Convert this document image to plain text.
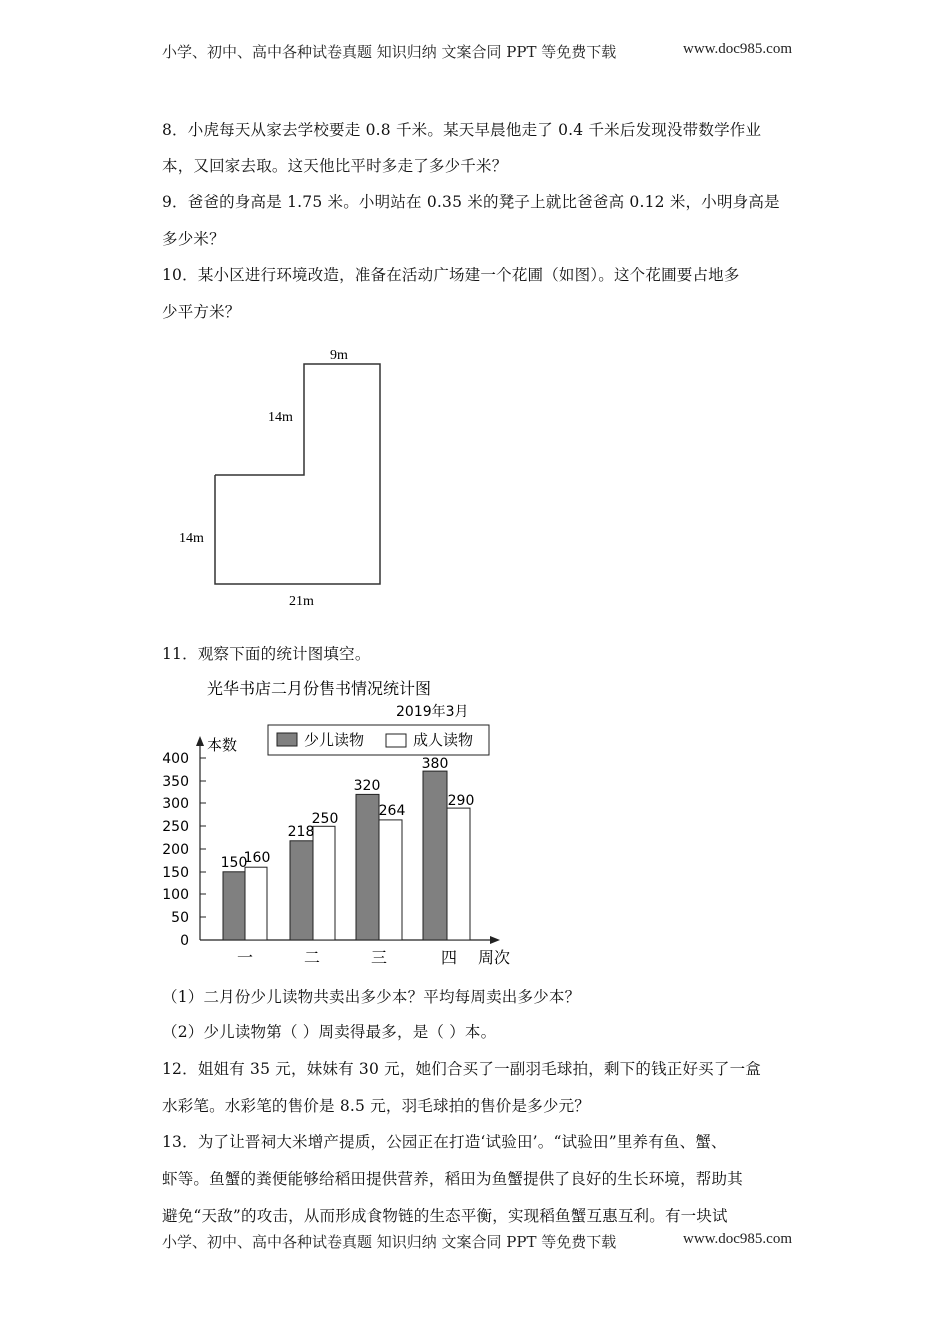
小学、初中、高中各种试卷真题 知识归纳 文案合同 PPT 等免费下载	www.doc985.com
8．小虎每天从家去学校要走 0.8 千米。某天早晨他走了 0.4 千米后发现没带数学作业
本，又回家去取。这天他比平时多走了多少千米？
9．爸爸的身高是 1.75 米。小明站在 0.35 米的凳子上就比爸爸高 0.12 米，小明身高是
多少米？
10．某小区进行环境改造，准备在活动广场建一个花圃（如图）。这个花圃要占地多
少平方米？
9m
14m
14m
21m
11．观察下面的统计图填空。
光华书店二月份售书情况统计图
2019年3月
少儿读物	成人读物
本数
周次
400
350
300
250
200
150
100
50
0
150
160
218
250
320
264
380
290
一	二	三	四
（1）二月份少儿读物共卖出多少本？平均每周卖出多少本？
（2）少儿读物第（ ）周卖得最多，是（ ）本。
12．姐姐有 35 元，妹妹有 30 元，她们合买了一副羽毛球拍，剩下的钱正好买了一盒
水彩笔。水彩笔的售价是 8.5 元，羽毛球拍的售价是多少元？
13．为了让晋祠大米增产提质，公园正在打造‘试验田’。“试验田”里养有鱼、蟹、
虾等。鱼蟹的粪便能够给稻田提供营养，稻田为鱼蟹提供了良好的生长环境，帮助其
避免“天敌”的攻击，从而形成食物链的生态平衡，实现稻鱼蟹互惠互利。有一块试
小学、初中、高中各种试卷真题 知识归纳 文案合同 PPT 等免费下载	www.doc985.com
